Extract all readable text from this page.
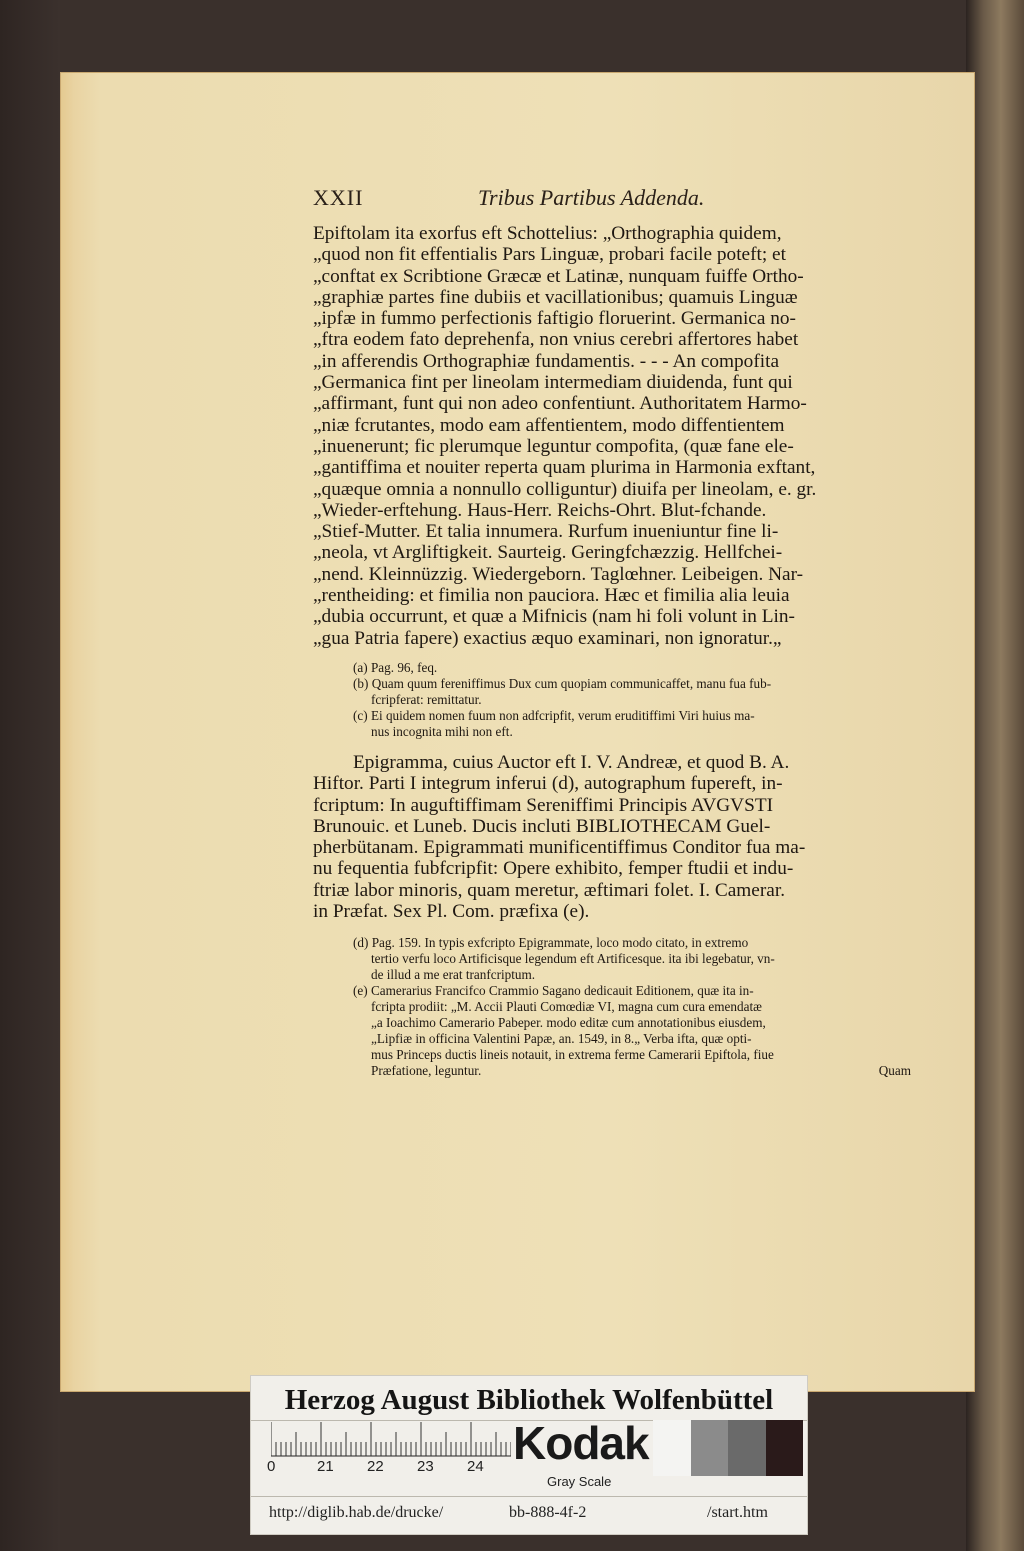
XXII	Tribus Partibus Addenda.
Epiftolam ita exorfus eft Schottelius: „Orthographia quidem,
„quod non fit effentialis Pars Linguæ, probari facile poteft; et
„conftat ex Scribtione Græcæ et Latinæ, nunquam fuiffe Ortho-
„graphiæ partes fine dubiis et vacillationibus; quamuis Linguæ
„ipfæ in fummo perfectionis faftigio floruerint. Germanica no-
„ftra eodem fato deprehenfa, non vnius cerebri affertores habet
„in afferendis Orthographiæ fundamentis. - - - An compofita
„Germanica fint per lineolam intermediam diuidenda, funt qui
„affirmant, funt qui non adeo confentiunt. Authoritatem Harmo-
„niæ fcrutantes, modo eam affentientem, modo diffentientem
„inuenerunt; fic plerumque leguntur compofita, (quæ fane ele-
„gantiffima et nouiter reperta quam plurima in Harmonia exftant,
„quæque omnia a nonnullo colliguntur) diuifa per lineolam, e. gr.
„Wieder-erftehung. Haus-Herr. Reichs-Ohrt. Blut-fchande.
„Stief-Mutter. Et talia innumera. Rurfum inueniuntur fine li-
„neola, vt Argliftigkeit. Saurteig. Geringfchæzzig. Hellfchei-
„nend. Kleinnüzzig. Wiedergeborn. Taglœhner. Leibeigen. Nar-
„rentheiding: et fimilia non pauciora. Hæc et fimilia alia leuia
„dubia occurrunt, et quæ a Mifnicis (nam hi foli volunt in Lin-
„gua Patria fapere) exactius æquo examinari, non ignoratur.„
(a) Pag. 96, feq.
(b) Quam quum fereniffimus Dux cum quopiam communicaffet, manu fua fub-
fcripferat: remittatur.
(c) Ei quidem nomen fuum non adfcripfit, verum eruditiffimi Viri huius ma-
nus incognita mihi non eft.
Epigramma, cuius Auctor eft I. V. Andreæ, et quod B. A.
Hiftor. Parti I integrum inferui (d), autographum fupereft, in-
fcriptum: In auguftiffimam Sereniffimi Principis AVGVSTI
Brunouic. et Luneb. Ducis incluti BIBLIOTHECAM Guel-
pherbütanam. Epigrammati munificentiffimus Conditor fua ma-
nu fequentia fubfcripfit: Opere exhibito, femper ftudii et indu-
ftriæ labor minoris, quam meretur, æftimari folet. I. Camerar.
in Præfat. Sex Pl. Com. præfixa (e).
(d) Pag. 159. In typis exfcripto Epigrammate, loco modo citato, in extremo
tertio verfu loco Artificisque legendum eft Artificesque. ita ibi legebatur, vn-
de illud a me erat tranfcriptum.
(e) Camerarius Francifco Crammio Sagano dedicauit Editionem, quæ ita in-
fcripta prodiit: „M. Accii Plauti Comœdiæ VI, magna cum cura emendatæ
„a Ioachimo Camerario Pabeper. modo editæ cum annotationibus eiusdem,
„Lipfiæ in officina Valentini Papæ, an. 1549, in 8.„ Verba ifta, quæ opti-
mus Princeps ductis lineis notauit, in extrema ferme Camerarii Epiftola, fiue
Præfatione, leguntur.	Quam
Herzog August Bibliothek Wolfenbüttel
0	21 22 23 24 Kodak
Gray Scale
http://diglib.hab.de/drucke/	bb-888-4f-2	/start.htm
